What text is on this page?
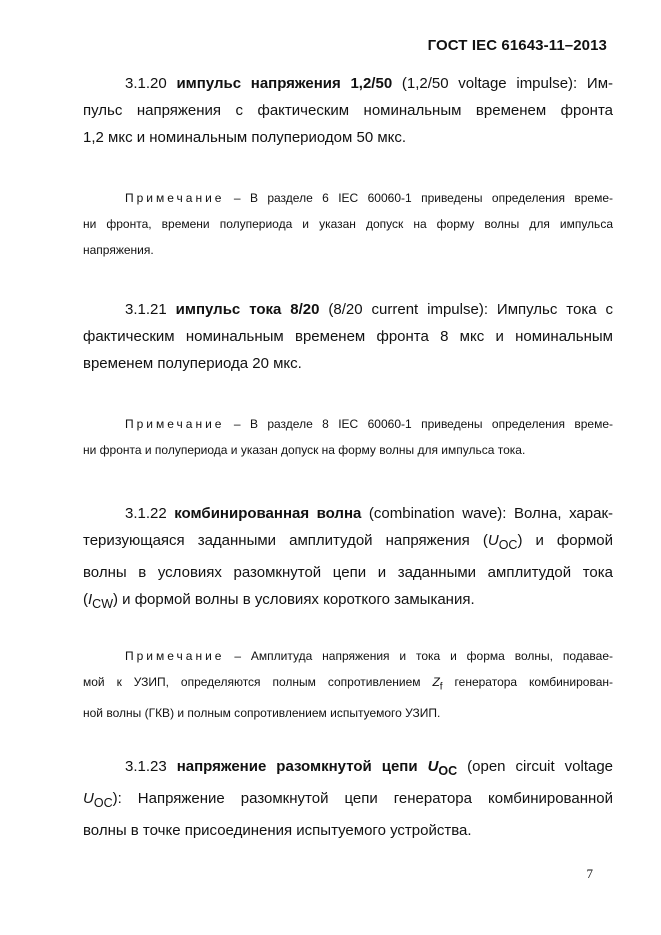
ГОСТ IEC 61643-11–2013
3.1.20 импульс напряжения 1,2/50 (1,2/50 voltage impulse): Им-
пульс напряжения с фактическим номинальным временем фронта
1,2 мкс и номинальным полупериодом 50 мкс.
Примечание – В разделе 6 IEC 60060-1 приведены определения време-
ни фронта, времени полупериода и указан допуск на форму волны для импульса
напряжения.
3.1.21 импульс тока 8/20 (8/20 current impulse): Импульс тока с
фактическим номинальным временем фронта 8 мкс и номинальным
временем полупериода 20 мкс.
Примечание – В разделе 8 IEC 60060-1 приведены определения време-
ни фронта и полупериода и указан допуск на форму волны для импульса тока.
3.1.22 комбинированная волна (combination wave): Волна, харак-
теризующаяся заданными амплитудой напряжения $(U_{OC})$ и формой
волны в условиях разомкнутой цепи и заданными амплитудой тока
$(I_{CW})$ и формой волны в условиях короткого замыкания.
Примечание – Амплитуда напряжения и тока и форма волны, подавае-
мой к УЗИП, определяются полным сопротивлением $Z_f$ генератора комбинирован-
ной волны (ГКВ) и полным сопротивлением испытуемого УЗИП.
3.1.23 напряжение разомкнутой цепи $U_{OC}$ (open circuit voltage
$U_{OC}$): Напряжение разомкнутой цепи генератора комбинированной
волны в точке присоединения испытуемого устройства.
7
